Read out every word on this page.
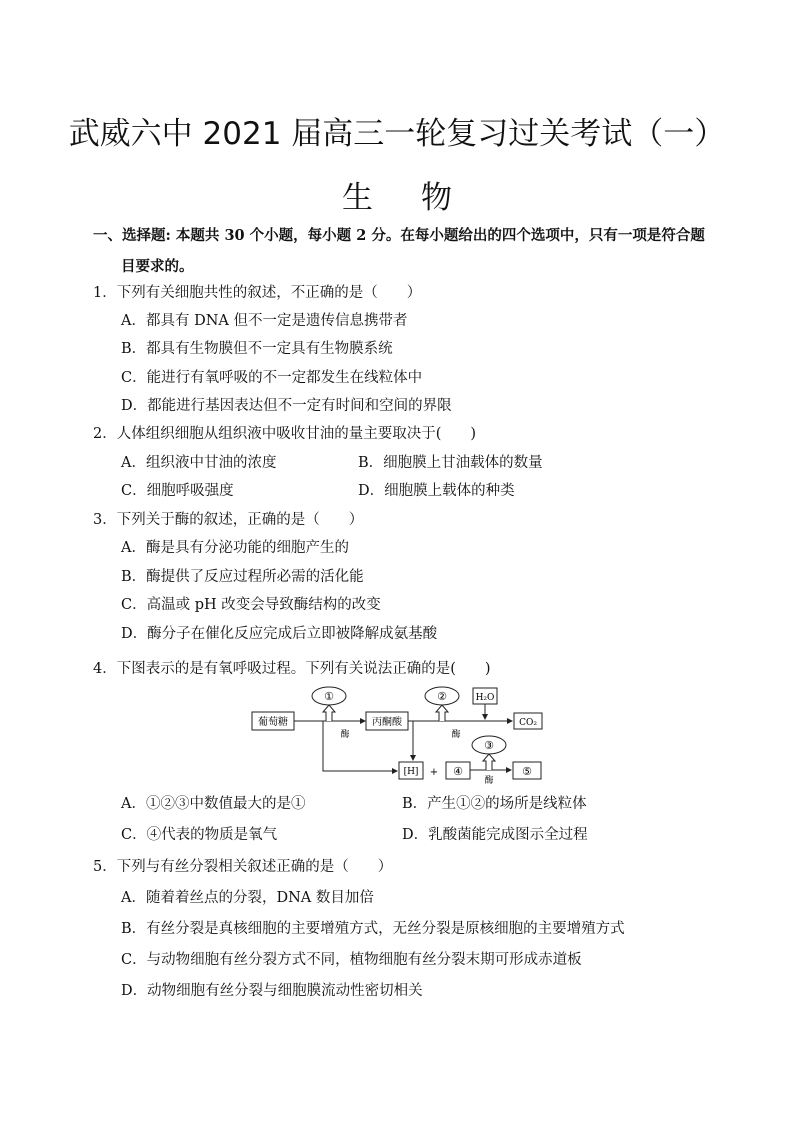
武威六中 2021 届高三一轮复习过关考试（一）
生物
一、选择题: 本题共 30 个小题，每小题 2 分。在每小题给出的四个选项中，只有一项是符合题
目要求的。
1．下列有关细胞共性的叙述，不正确的是（　　）
A．都具有 DNA 但不一定是遗传信息携带者
B．都具有生物膜但不一定具有生物膜系统
C．能进行有氧呼吸的不一定都发生在线粒体中
D．都能进行基因表达但不一定有时间和空间的界限
2．人体组织细胞从组织液中吸收甘油的量主要取决于(　　)
A．组织液中甘油的浓度	B．细胞膜上甘油载体的数量
C．细胞呼吸强度	D．细胞膜上载体的种类
3．下列关于酶的叙述，正确的是（　　）
A．酶是具有分泌功能的细胞产生的
B．酶提供了反应过程所必需的活化能
C．高温或 pH 改变会导致酶结构的改变
D．酶分子在催化反应完成后立即被降解成氨基酸
4．下图表示的是有氧呼吸过程。下列有关说法正确的是(　　)
葡萄糖
①
酶
丙酮酸
②
酶
H₂O
CO₂
[H] + ④
③
酶
⑤
A．①②③中数值最大的是①	B．产生①②的场所是线粒体
C．④代表的物质是氧气	D．乳酸菌能完成图示全过程
5．下列与有丝分裂相关叙述正确的是（　　）
A．随着着丝点的分裂，DNA 数目加倍
B．有丝分裂是真核细胞的主要增殖方式，无丝分裂是原核细胞的主要增殖方式
C．与动物细胞有丝分裂方式不同，植物细胞有丝分裂末期可形成赤道板
D．动物细胞有丝分裂与细胞膜流动性密切相关
